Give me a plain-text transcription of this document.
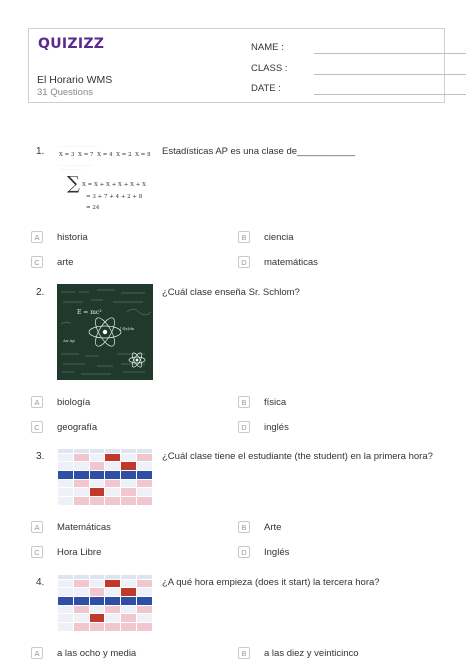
QUIZIZZ
El Horario WMS
31 Questions
NAME :
CLASS :
DATE :
1.	···· ·········· ······ ······· ·········
X = 3 X = 7 X = 4 X = 2 X = 8
··· ······· ········ ······ ·····
······ ·········· ·····
∑ X = X + X + X + X + X
= 3 + 7 + 4 + 2 + 8
= 24
Estadísticas AP es una clase de___________
A	historia	B	ciencia
C	arte	D	matemáticas
2.
E = mc²
∫ f(x)dx
Δx·Δp
¿Cuál clase enseña Sr. Schlom?
A	biología	B	física
C	geografía	D	inglés
3.

						¿Cuál clase tiene el estudiante (the student) en la primera hora?
A	Matemáticas	B	Arte
C	Hora Libre	D	Inglés
4.

						¿A qué hora empieza (does it start) la tercera hora?
A	a las ocho y media	B	a las diez y veinticinco
